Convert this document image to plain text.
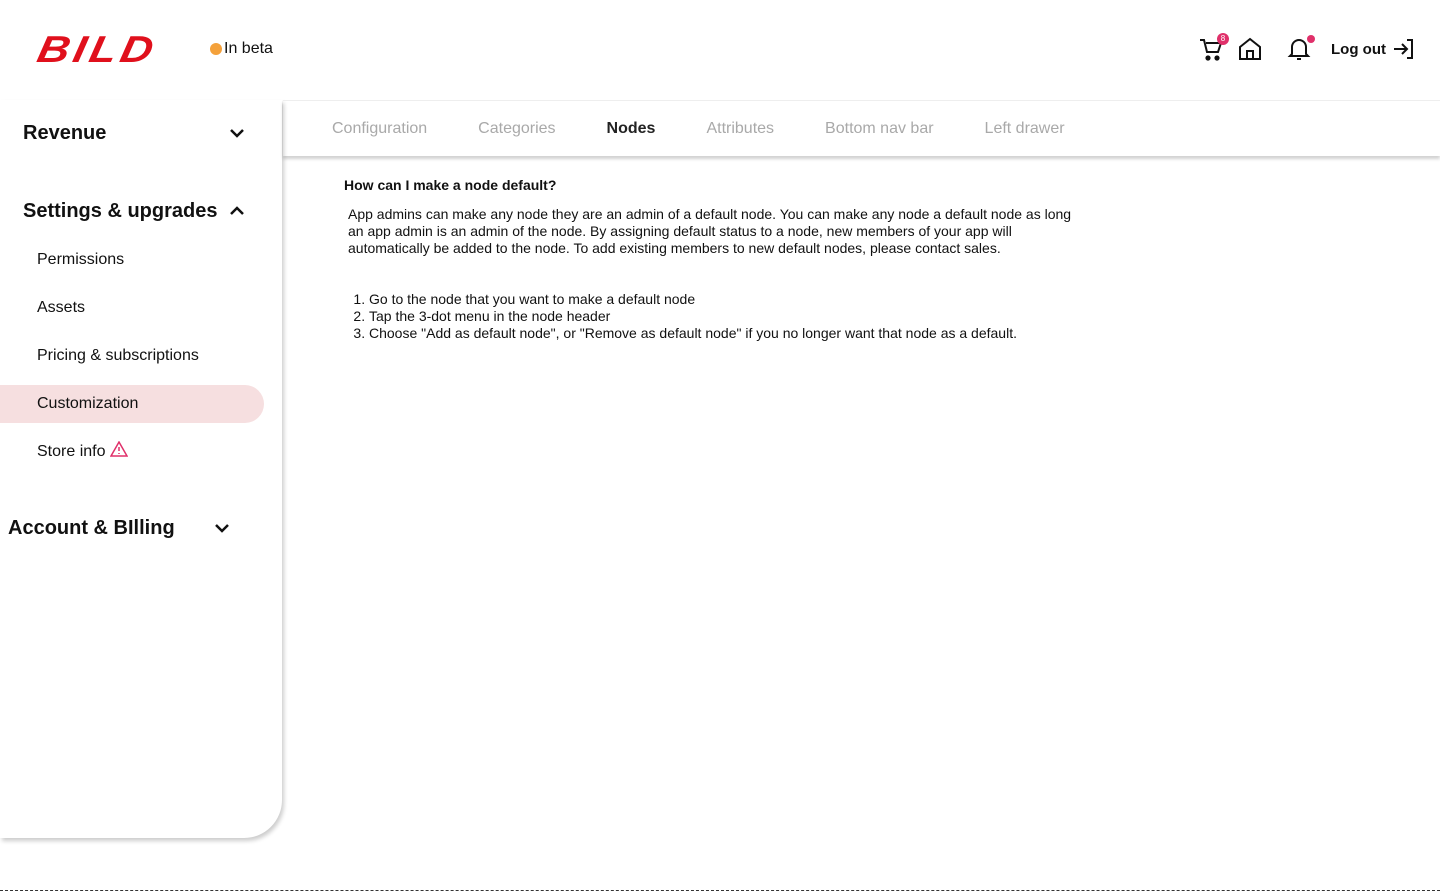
BILD	In beta
8
Log out
Revenue
Settings & upgrades
Permissions
Assets
Pricing & subscriptions
Customization
Store info
Account & BIlling
Configuration	Categories	Nodes	Attributes	Bottom nav bar	Left drawer
How can I make a node default?

App admins can make any node they are an admin of a default node. You can make any node a default node as long an app admin is an admin of the node. By assigning default status to a node, new members of your app will automatically be added to the node. To add existing members to new default nodes, please contact sales.

1. Go to the node that you want to make a default node
2. Tap the 3-dot menu in the node header
3. Choose "Add as default node", or "Remove as default node" if you no longer want that node as a default.
